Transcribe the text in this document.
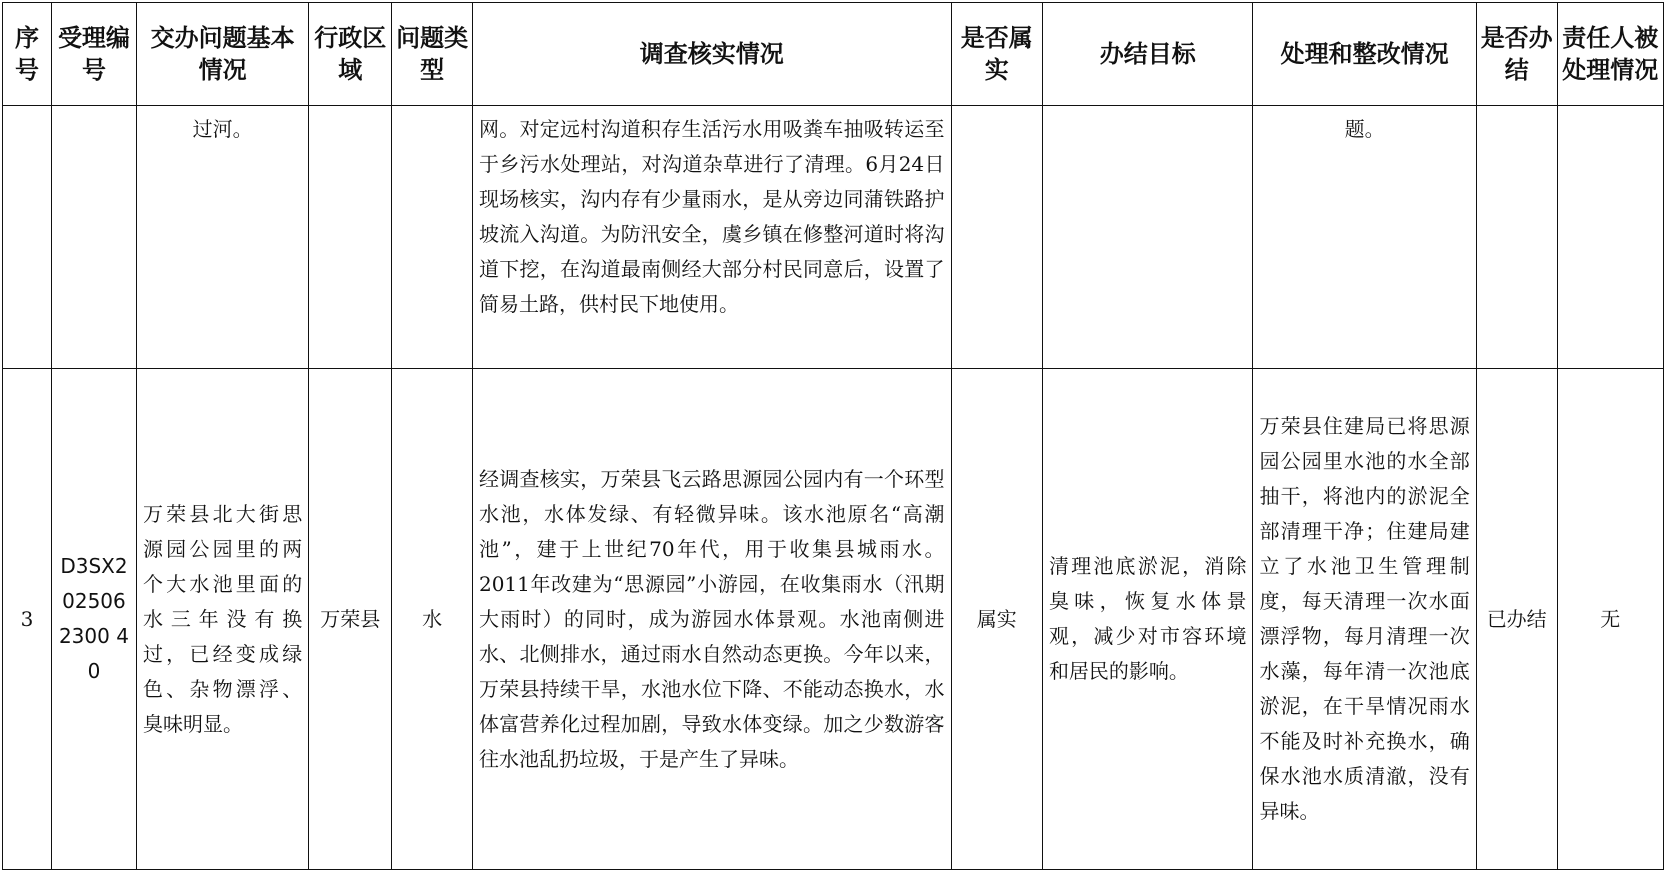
序号	受理编号	交办问题基本情况	行政区域	问题类型	调查核实情况	是否属实	办结目标	处理和整改情况	是否办结	责任人被处理情况
		过河。			网。对定远村沟道积存生活污水用吸粪车抽吸转运至于乡污水处理站，对沟道杂草进行了清理。6月24日现场核实，沟内存有少量雨水，是从旁边同蒲铁路护坡流入沟道。为防汛安全，虞乡镇在修整河道时将沟道下挖，在沟道最南侧经大部分村民同意后，设置了简易土路，供村民下地使用。			题。		
3	D3SX2025062300 40	万荣县北大街思源园公园里的两个大水池里面的水三年没有换过，已经变成绿色、杂物漂浮、臭味明显。	万荣县	水	经调查核实，万荣县飞云路思源园公园内有一个环型水池，水体发绿、有轻微异味。该水池原名“高潮池”，建于上世纪70年代，用于收集县城雨水。2011年改建为“思源园”小游园，在收集雨水（汛期大雨时）的同时，成为游园水体景观。水池南侧进水、北侧排水，通过雨水自然动态更换。今年以来，万荣县持续干旱，水池水位下降、不能动态换水，水体富营养化过程加剧，导致水体变绿。加之少数游客往水池乱扔垃圾，于是产生了异味。	属实	清理池底淤泥，消除臭味，恢复水体景观，减少对市容环境和居民的影响。	万荣县住建局已将思源园公园里水池的水全部抽干，将池内的淤泥全部清理干净；住建局建立了水池卫生管理制度，每天清理一次水面漂浮物，每月清理一次水藻，每年清一次池底淤泥，在干旱情况雨水不能及时补充换水，确保水池水质清澈，没有异味。	已办结	无
